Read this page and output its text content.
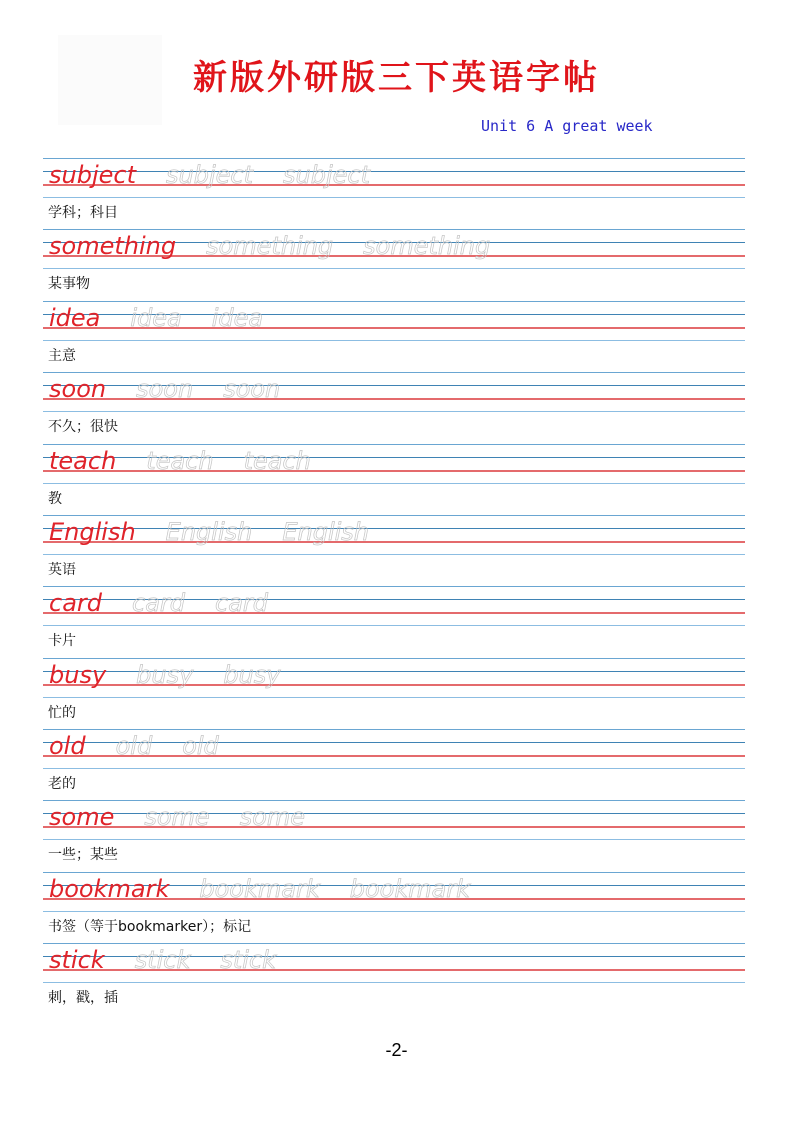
新版外研版三下英语字帖
Unit 6 A great week
subject subject subject
学科；科目
something something something
某事物
idea idea idea
主意
soon soon soon
不久；很快
teach teach teach
教
English English English
英语
card card card
卡片
busy busy busy
忙的
old old old
老的
some some some
一些；某些
bookmark bookmark bookmark
书签（等于bookmarker）；标记
stick stick stick
刺，戳，插
-2-
